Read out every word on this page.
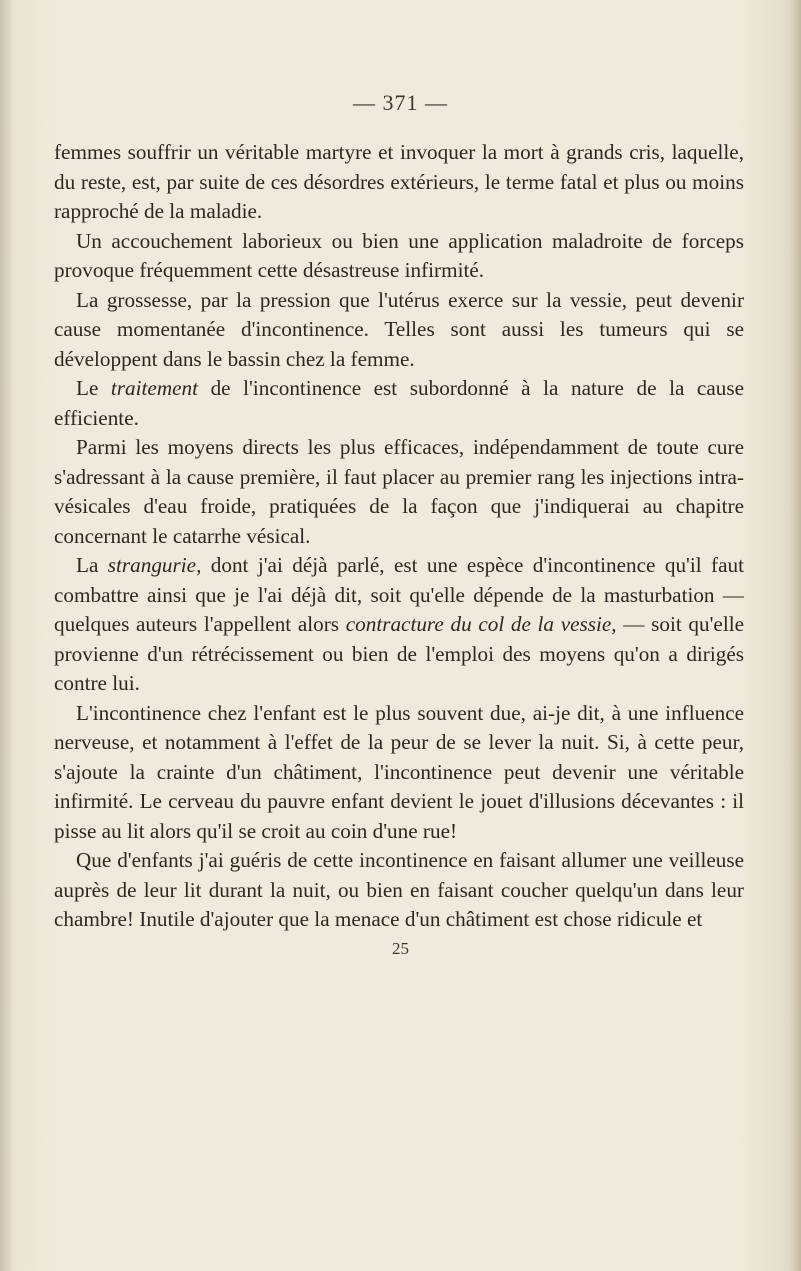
— 371 —

femmes souffrir un véritable martyre et invoquer la mort à grands cris, laquelle, du reste, est, par suite de ces désordres extérieurs, le terme fatal et plus ou moins rapproché de la maladie.

Un accouchement laborieux ou bien une application maladroite de forceps provoque fréquemment cette désastreuse infirmité.

La grossesse, par la pression que l'utérus exerce sur la vessie, peut devenir cause momentanée d'incontinence. Telles sont aussi les tumeurs qui se développent dans le bassin chez la femme.

Le traitement de l'incontinence est subordonné à la nature de la cause efficiente.

Parmi les moyens directs les plus efficaces, indépendamment de toute cure s'adressant à la cause première, il faut placer au premier rang les injections intra-vésicales d'eau froide, pratiquées de la façon que j'indiquerai au chapitre concernant le catarrhe vésical.

La strangurie, dont j'ai déjà parlé, est une espèce d'incontinence qu'il faut combattre ainsi que je l'ai déjà dit, soit qu'elle dépende de la masturbation — quelques auteurs l'appellent alors contracture du col de la vessie, — soit qu'elle provienne d'un rétrécissement ou bien de l'emploi des moyens qu'on a dirigés contre lui.

L'incontinence chez l'enfant est le plus souvent due, ai-je dit, à une influence nerveuse, et notamment à l'effet de la peur de se lever la nuit. Si, à cette peur, s'ajoute la crainte d'un châtiment, l'incontinence peut devenir une véritable infirmité. Le cerveau du pauvre enfant devient le jouet d'illusions décevantes : il pisse au lit alors qu'il se croit au coin d'une rue!

Que d'enfants j'ai guéris de cette incontinence en faisant allumer une veilleuse auprès de leur lit durant la nuit, ou bien en faisant coucher quelqu'un dans leur chambre! Inutile d'ajouter que la menace d'un châtiment est chose ridicule et

25
